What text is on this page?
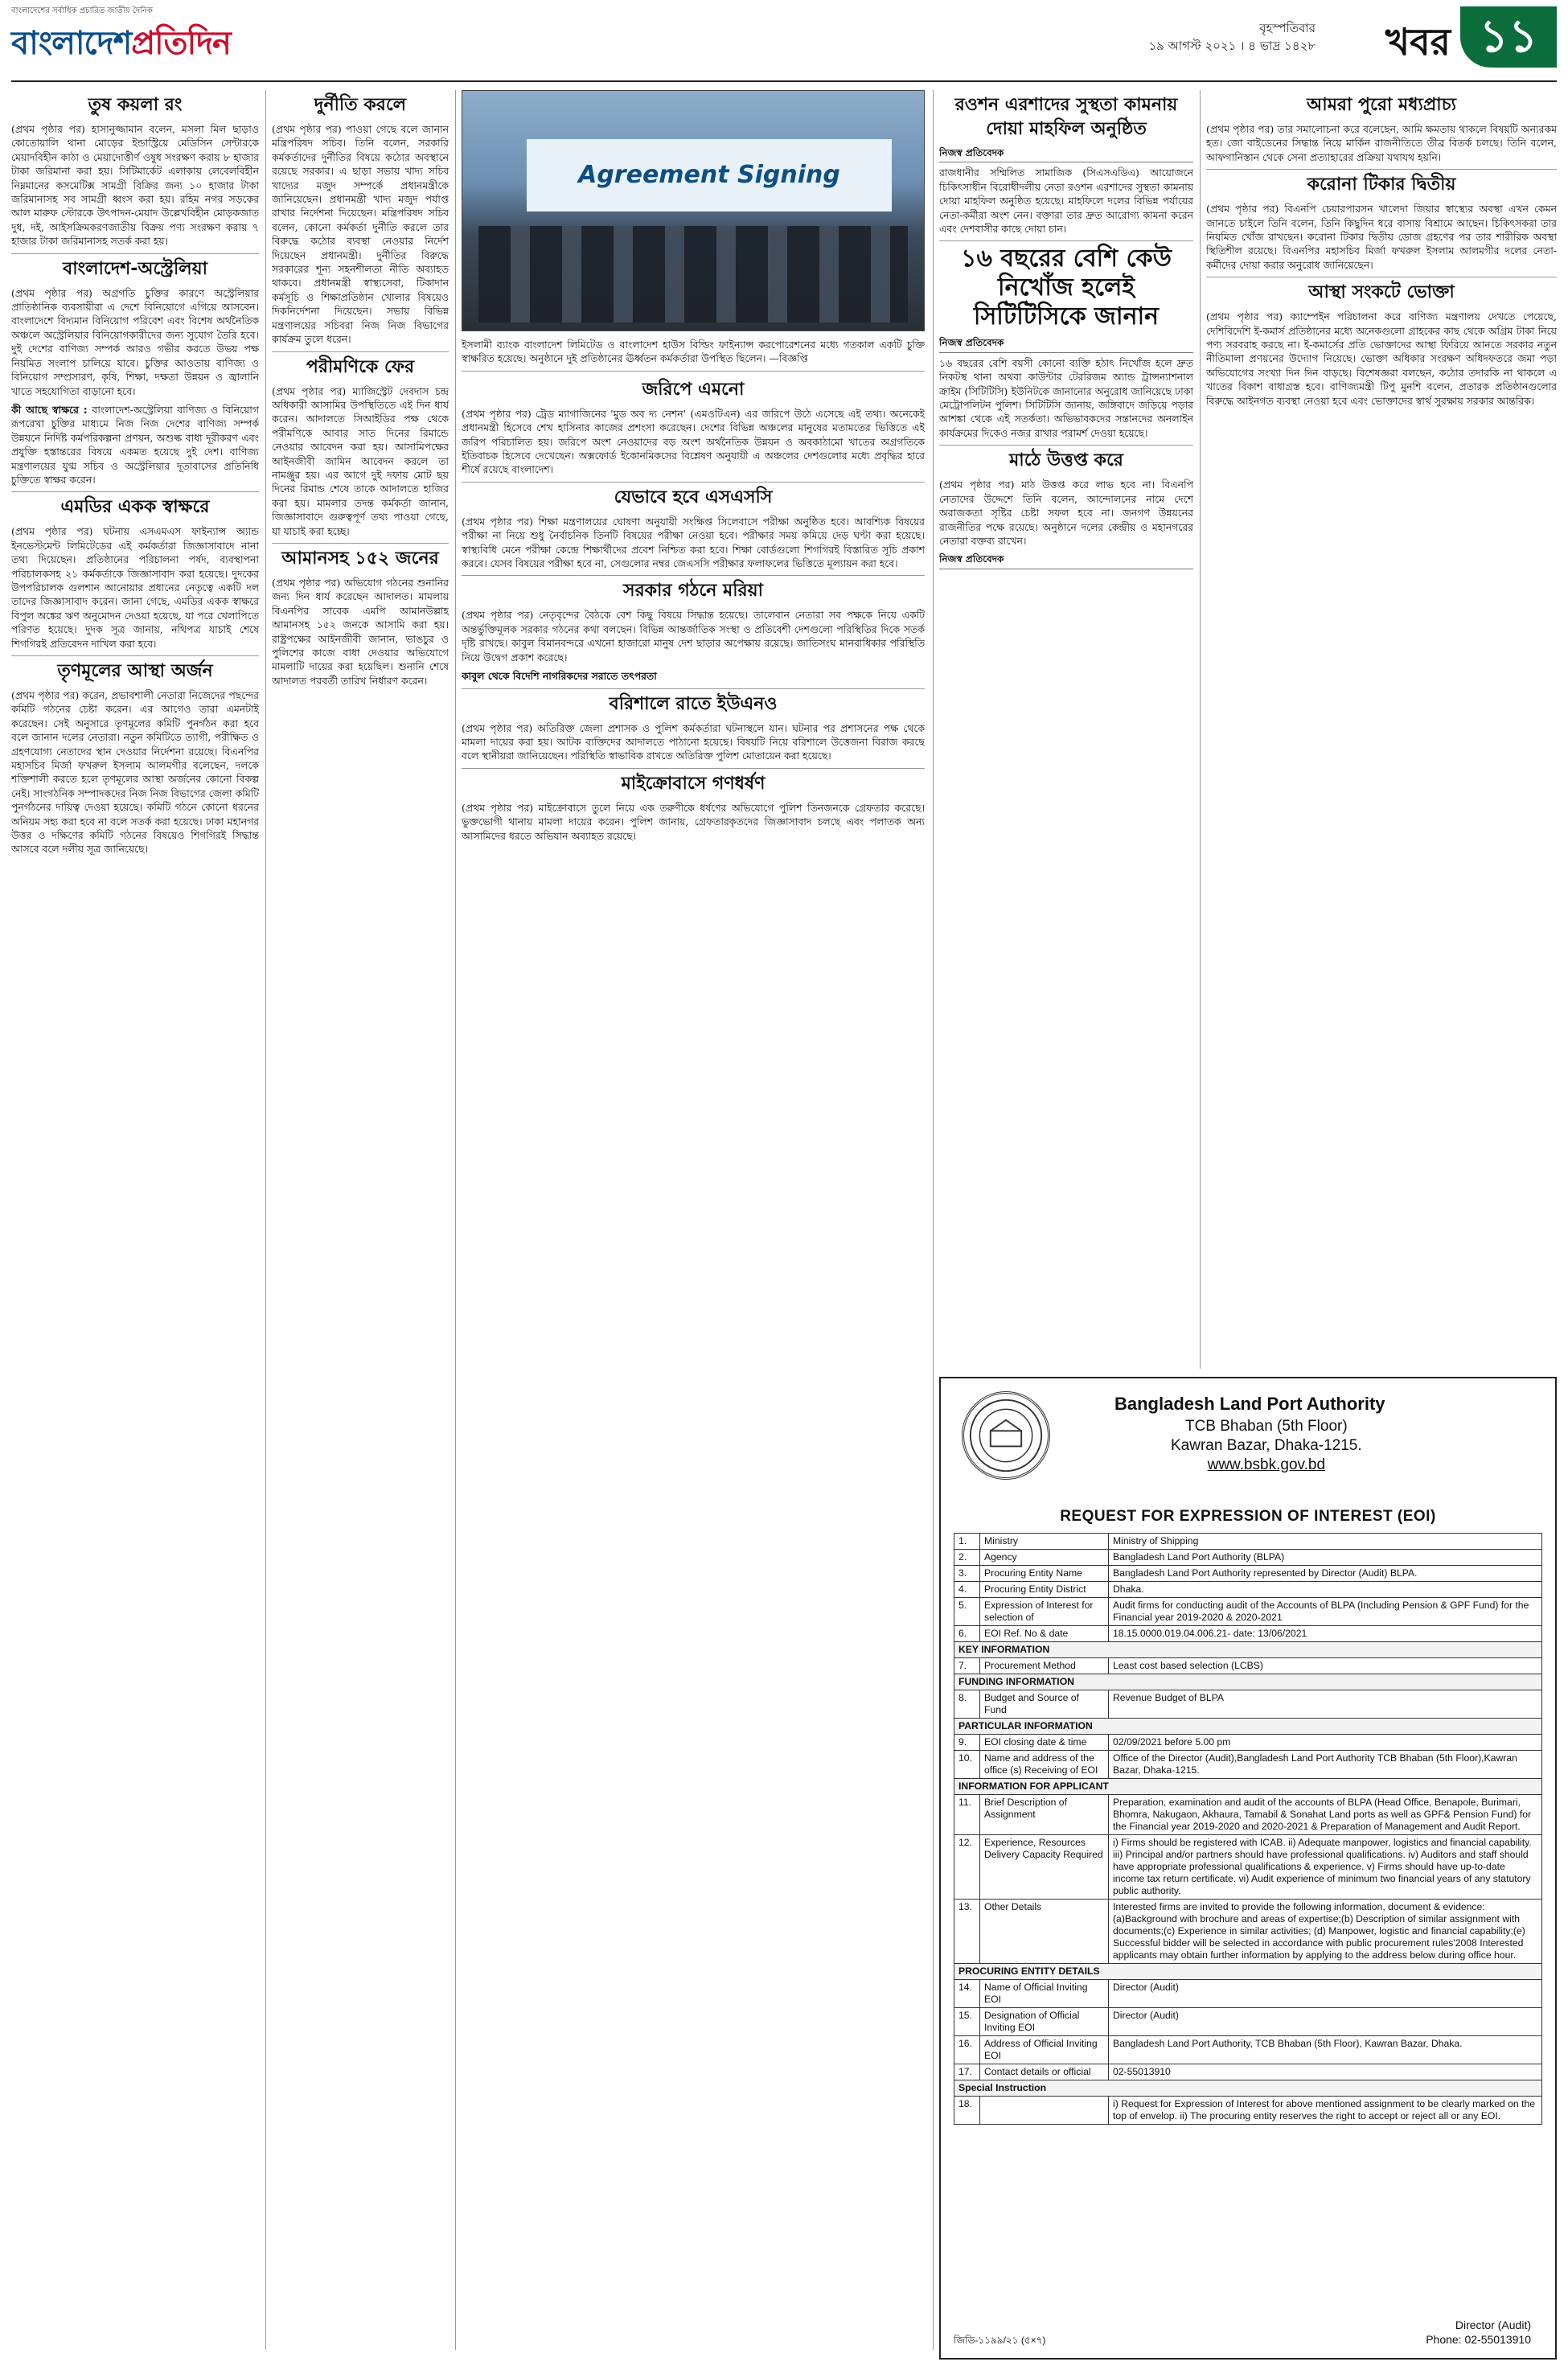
বাংলাদেশের সর্বাধিক প্রচারিত জাতীয় দৈনিক
বাংলাদেশপ্রতিদিন	বৃহস্পতিবার
১৯ আগস্ট ২০২১ । ৪ ভাদ্র ১৪২৮ খবর ১১
তুষ কয়লা রং

(প্রথম পৃষ্ঠার পর) হাসানুজ্জামান বলেন, মসলা মিল ছাড়াও কোতোয়ালি থানা মোড়ের ইন্ডাস্ট্রিয়ে মেডিসিন সেন্টারকে মেয়াদবিহীন কাঠা ও মেয়াদোত্তীর্ণ ওষুধ সংরক্ষণ করায় ৮ হাজার টাকা জরিমানা করা হয়। সিটিমার্কেট এলাকায় লেবেলবিহীন নিম্নমানের কসমেটিক্স সামগ্রী বিক্রির জন্য ১০ হাজার টাকা জরিমানাসহ সব সামগ্রী ধ্বংস করা হয়। রহিম নগর সড়কের আল মারুফ স্টোরকে উৎপাদন-মেয়াদ উল্লেখবিহীন মোড়কজাত দুধ, দই, আইসক্রিমকরণজাতীয় বিক্রয় পণ্য সংরক্ষণ করায় ৭ হাজার টাকা জরিমানাসহ সতর্ক করা হয়।

বাংলাদেশ-অস্ট্রেলিয়া

(প্রথম পৃষ্ঠার পর) অগ্রগতি চুক্তির কারণে অস্ট্রেলিয়ার প্রাতিষ্ঠানিক ব্যবসায়ীরা এ দেশে বিনিয়োগে এগিয়ে আসবেন। বাংলাদেশে বিদ্যমান বিনিয়োগ পরিবেশ এবং বিশেষ অর্থনৈতিক অঞ্চলে অস্ট্রেলিয়ার বিনিয়োগকারীদের জন্য সুযোগ তৈরি হবে। দুই দেশের বাণিজ্য সম্পর্ক আরও গভীর করতে উভয় পক্ষ নিয়মিত সংলাপ চালিয়ে যাবে। চুক্তির আওতায় বাণিজ্য ও বিনিয়োগ সম্প্রসারণ, কৃষি, শিক্ষা, দক্ষতা উন্নয়ন ও জ্বালানি খাতে সহযোগিতা বাড়ানো হবে।

কী আছে স্বাক্ষরে : বাংলাদেশ-অস্ট্রেলিয়া বাণিজ্য ও বিনিয়োগ রূপরেখা চুক্তির মাধ্যমে নিজ নিজ দেশের বাণিজ্য সম্পর্ক উন্নয়নে নির্দিষ্ট কর্মপরিকল্পনা প্রণয়ন, অশুল্ক বাধা দূরীকরণ এবং প্রযুক্তি হস্তান্তরের বিষয়ে একমত হয়েছে দুই দেশ। বাণিজ্য মন্ত্রণালয়ের যুগ্ম সচিব ও অস্ট্রেলিয়ার দূতাবাসের প্রতিনিধি চুক্তিতে স্বাক্ষর করেন।

এমডির একক স্বাক্ষরে

(প্রথম পৃষ্ঠার পর) ঘটনায় এসএমএস ফাইন্যান্স অ্যান্ড ইনভেস্টমেন্ট লিমিটেডের এই কর্মকর্তারা জিজ্ঞাসাবাদে নানা তথ্য দিয়েছেন। প্রতিষ্ঠানের পরিচালনা পর্ষদ, ব্যবস্থাপনা পরিচালকসহ ২১ কর্মকর্তাকে জিজ্ঞাসাবাদ করা হয়েছে। দুদকের উপপরিচালক গুলশান আনোয়ার প্রধানের নেতৃত্বে একটি দল তাদের জিজ্ঞাসাবাদ করেন। জানা গেছে, এমডির একক স্বাক্ষরে বিপুল অঙ্কের ঋণ অনুমোদন দেওয়া হয়েছে, যা পরে খেলাপিতে পরিণত হয়েছে। দুদক সূত্র জানায়, নথিপত্র যাচাই শেষে শিগগিরই প্রতিবেদন দাখিল করা হবে।

তৃণমূলের আস্থা অর্জন

(প্রথম পৃষ্ঠার পর) করেন, প্রভাবশালী নেতারা নিজেদের পছন্দের কমিটি গঠনের চেষ্টা করেন। এর আগেও তারা এমনটাই করেছেন। সেই অনুসারে তৃণমূলের কমিটি পুনর্গঠন করা হবে বলে জানান দলের নেতারা। নতুন কমিটিতে ত্যাগী, পরীক্ষিত ও গ্রহণযোগ্য নেতাদের স্থান দেওয়ার নির্দেশনা রয়েছে। বিএনপির মহাসচিব মির্জা ফখরুল ইসলাম আলমগীর বলেছেন, দলকে শক্তিশালী করতে হলে তৃণমূলের আস্থা অর্জনের কোনো বিকল্প নেই। সাংগঠনিক সম্পাদকদের নিজ নিজ বিভাগের জেলা কমিটি পুনর্গঠনের দায়িত্ব দেওয়া হয়েছে। কমিটি গঠনে কোনো ধরনের অনিয়ম সহ্য করা হবে না বলে সতর্ক করা হয়েছে। ঢাকা মহানগর উত্তর ও দক্ষিণের কমিটি গঠনের বিষয়েও শিগগিরই সিদ্ধান্ত আসবে বলে দলীয় সূত্র জানিয়েছে।

দুর্নীতি করলে

(প্রথম পৃষ্ঠার পর) পাওয়া গেছে বলে জানান মন্ত্রিপরিষদ সচিব। তিনি বলেন, সরকারি কর্মকর্তাদের দুর্নীতির বিষয়ে কঠোর অবস্থানে রয়েছে সরকার। এ ছাড়া সভায় খাদ্য সচিব খাদ্যের মজুদ সম্পর্কে প্রধানমন্ত্রীকে জানিয়েছেন। প্রধানমন্ত্রী খাদ্য মজুদ পর্যাপ্ত রাখার নির্দেশনা দিয়েছেন। মন্ত্রিপরিষদ সচিব বলেন, কোনো কর্মকর্তা দুর্নীতি করলে তার বিরুদ্ধে কঠোর ব্যবস্থা নেওয়ার নির্দেশ দিয়েছেন প্রধানমন্ত্রী। দুর্নীতির বিরুদ্ধে সরকারের শূন্য সহনশীলতা নীতি অব্যাহত থাকবে। প্রধানমন্ত্রী স্বাস্থ্যসেবা, টিকাদান কর্মসূচি ও শিক্ষাপ্রতিষ্ঠান খোলার বিষয়েও দিকনির্দেশনা দিয়েছেন। সভায় বিভিন্ন মন্ত্রণালয়ের সচিবরা নিজ নিজ বিভাগের কার্যক্রম তুলে ধরেন।

পরীমণিকে ফের

(প্রথম পৃষ্ঠার পর) ম্যাজিস্ট্রেট দেবদাস চন্দ্র অধিকারী আসামির উপস্থিতিতে এই দিন ধার্য করেন। আদালতে সিআইডির পক্ষ থেকে পরীমণিকে আবার সাত দিনের রিমান্ডে নেওয়ার আবেদন করা হয়। আসামিপক্ষের আইনজীবী জামিন আবেদন করলে তা নামঞ্জুর হয়। এর আগে দুই দফায় মোট ছয় দিনের রিমান্ড শেষে তাকে আদালতে হাজির করা হয়। মামলার তদন্ত কর্মকর্তা জানান, জিজ্ঞাসাবাদে গুরুত্বপূর্ণ তথ্য পাওয়া গেছে, যা যাচাই করা হচ্ছে।

আমানসহ ১৫২ জনের

(প্রথম পৃষ্ঠার পর) অভিযোগ গঠনের শুনানির জন্য দিন ধার্য করেছেন আদালত। মামলায় বিএনপির সাবেক এমপি আমানউল্লাহ আমানসহ ১৫২ জনকে আসামি করা হয়। রাষ্ট্রপক্ষের আইনজীবী জানান, ভাঙচুর ও পুলিশের কাজে বাধা দেওয়ার অভিযোগে মামলাটি দায়ের করা হয়েছিল। শুনানি শেষে আদালত পরবর্তী তারিখ নির্ধারণ করেন।

Agreement Signing
ইসলামী ব্যাংক বাংলাদেশ লিমিটেড ও বাংলাদেশ হাউস বিল্ডিং ফাইন্যান্স করপোরেশনের মধ্যে গতকাল একটি চুক্তি স্বাক্ষরিত হয়েছে। অনুষ্ঠানে দুই প্রতিষ্ঠানের ঊর্ধ্বতন কর্মকর্তারা উপস্থিত ছিলেন। —বিজ্ঞপ্তি
জরিপে এমনো

(প্রথম পৃষ্ঠার পর) ট্রেড ম্যাগাজিনের 'মুড অব দ্য নেশন' (এমওটিএন) এর জরিপে উঠে এসেছে এই তথ্য। অনেকেই প্রধানমন্ত্রী হিসেবে শেখ হাসিনার কাজের প্রশংসা করেছেন। দেশের বিভিন্ন অঞ্চলের মানুষের মতামতের ভিত্তিতে এই জরিপ পরিচালিত হয়। জরিপে অংশ নেওয়াদের বড় অংশ অর্থনৈতিক উন্নয়ন ও অবকাঠামো খাতের অগ্রগতিকে ইতিবাচক হিসেবে দেখেছেন। অক্সফোর্ড ইকোনমিকসের বিশ্লেষণ অনুযায়ী এ অঞ্চলের দেশগুলোর মধ্যে প্রবৃদ্ধির হারে শীর্ষে রয়েছে বাংলাদেশ।

যেভাবে হবে এসএসসি

(প্রথম পৃষ্ঠার পর) শিক্ষা মন্ত্রণালয়ের ঘোষণা অনুযায়ী সংক্ষিপ্ত সিলেবাসে পরীক্ষা অনুষ্ঠিত হবে। আবশ্যিক বিষয়ের পরীক্ষা না নিয়ে শুধু নৈর্বাচনিক তিনটি বিষয়ের পরীক্ষা নেওয়া হবে। পরীক্ষার সময় কমিয়ে দেড় ঘণ্টা করা হয়েছে। স্বাস্থ্যবিধি মেনে পরীক্ষা কেন্দ্রে শিক্ষার্থীদের প্রবেশ নিশ্চিত করা হবে। শিক্ষা বোর্ডগুলো শিগগিরই বিস্তারিত সূচি প্রকাশ করবে। যেসব বিষয়ের পরীক্ষা হবে না, সেগুলোর নম্বর জেএসসি পরীক্ষার ফলাফলের ভিত্তিতে মূল্যায়ন করা হবে।

সরকার গঠনে মরিয়া

(প্রথম পৃষ্ঠার পর) নেতৃবৃন্দের বৈঠকে বেশ কিছু বিষয়ে সিদ্ধান্ত হয়েছে। তালেবান নেতারা সব পক্ষকে নিয়ে একটি অন্তর্ভুক্তিমূলক সরকার গঠনের কথা বলছেন। বিভিন্ন আন্তর্জাতিক সংস্থা ও প্রতিবেশী দেশগুলো পরিস্থিতির দিকে সতর্ক দৃষ্টি রাখছে। কাবুল বিমানবন্দরে এখনো হাজারো মানুষ দেশ ছাড়ার অপেক্ষায় রয়েছে। জাতিসংঘ মানবাধিকার পরিস্থিতি নিয়ে উদ্বেগ প্রকাশ করেছে।

কাবুল থেকে বিদেশি নাগরিকদের সরাতে তৎপরতা

বরিশালে রাতে ইউএনও

(প্রথম পৃষ্ঠার পর) অতিরিক্ত জেলা প্রশাসক ও পুলিশ কর্মকর্তারা ঘটনাস্থলে যান। ঘটনার পর প্রশাসনের পক্ষ থেকে মামলা দায়ের করা হয়। আটক ব্যক্তিদের আদালতে পাঠানো হয়েছে। বিষয়টি নিয়ে বরিশালে উত্তেজনা বিরাজ করছে বলে স্থানীয়রা জানিয়েছেন। পরিস্থিতি স্বাভাবিক রাখতে অতিরিক্ত পুলিশ মোতায়েন করা হয়েছে।

মাইক্রোবাসে গণধর্ষণ

(প্রথম পৃষ্ঠার পর) মাইক্রোবাসে তুলে নিয়ে এক তরুণীকে ধর্ষণের অভিযোগে পুলিশ তিনজনকে গ্রেফতার করেছে। ভুক্তভোগী থানায় মামলা দায়ের করেন। পুলিশ জানায়, গ্রেফতারকৃতদের জিজ্ঞাসাবাদ চলছে এবং পলাতক অন্য আসামিদের ধরতে অভিযান অব্যাহত রয়েছে।

রওশন এরশাদের সুস্থতা কামনায় দোয়া মাহফিল অনুষ্ঠিত
নিজস্ব প্রতিবেদক

রাজধানীর সম্মিলিত সামাজিক (সিএসএডিএ) আয়োজনে চিকিৎসাধীন বিরোধীদলীয় নেতা রওশন এরশাদের সুস্থতা কামনায় দোয়া মাহফিল অনুষ্ঠিত হয়েছে। মাহফিলে দলের বিভিন্ন পর্যায়ের নেতা-কর্মীরা অংশ নেন। বক্তারা তার দ্রুত আরোগ্য কামনা করেন এবং দেশবাসীর কাছে দোয়া চান।

১৬ বছরের বেশি কেউ নিখোঁজ হলেই সিটিটিসিকে জানান
নিজস্ব প্রতিবেদক

১৬ বছরের বেশি বয়সী কোনো ব্যক্তি হঠাৎ নিখোঁজ হলে দ্রুত নিকটস্থ থানা অথবা কাউন্টার টেররিজম অ্যান্ড ট্রান্সন্যাশনাল ক্রাইম (সিটিটিসি) ইউনিটকে জানানোর অনুরোধ জানিয়েছে ঢাকা মেট্রোপলিটন পুলিশ। সিটিটিসি জানায়, জঙ্গিবাদে জড়িয়ে পড়ার আশঙ্কা থেকে এই সতর্কতা। অভিভাবকদের সন্তানদের অনলাইন কার্যক্রমের দিকেও নজর রাখার পরামর্শ দেওয়া হয়েছে।

মাঠে উত্তপ্ত করে

(প্রথম পৃষ্ঠার পর) মাঠ উত্তপ্ত করে লাভ হবে না। বিএনপি নেতাদের উদ্দেশে তিনি বলেন, আন্দোলনের নামে দেশে অরাজকতা সৃষ্টির চেষ্টা সফল হবে না। জনগণ উন্নয়নের রাজনীতির পক্ষে রয়েছে। অনুষ্ঠানে দলের কেন্দ্রীয় ও মহানগরের নেতারা বক্তব্য রাখেন।

নিজস্ব প্রতিবেদক
আমরা পুরো মধ্যপ্রাচ্য

(প্রথম পৃষ্ঠার পর) তার সমালোচনা করে বলেছেন, আমি ক্ষমতায় থাকলে বিষয়টি অন্যরকম হত। জো বাইডেনের সিদ্ধান্ত নিয়ে মার্কিন রাজনীতিতে তীব্র বিতর্ক চলছে। তিনি বলেন, আফগানিস্তান থেকে সেনা প্রত্যাহারের প্রক্রিয়া যথাযথ হয়নি।

করোনা টিকার দ্বিতীয়

(প্রথম পৃষ্ঠার পর) বিএনপি চেয়ারপারসন খালেদা জিয়ার স্বাস্থ্যের অবস্থা এখন কেমন জানতে চাইলে তিনি বলেন, তিনি কিছুদিন ধরে বাসায় বিশ্রামে আছেন। চিকিৎসকরা তার নিয়মিত খোঁজ রাখছেন। করোনা টিকার দ্বিতীয় ডোজ গ্রহণের পর তার শারীরিক অবস্থা স্থিতিশীল রয়েছে। বিএনপির মহাসচিব মির্জা ফখরুল ইসলাম আলমগীর দলের নেতা-কর্মীদের দোয়া করার অনুরোধ জানিয়েছেন।

আস্থা সংকটে ভোক্তা

(প্রথম পৃষ্ঠার পর) ক্যাম্পেইন পরিচালনা করে বাণিজ্য মন্ত্রণালয় দেখতে পেয়েছে, দেশিবিদেশি ই-কমার্স প্রতিষ্ঠানের মধ্যে অনেকগুলো গ্রাহকের কাছ থেকে অগ্রিম টাকা নিয়ে পণ্য সরবরাহ করছে না। ই-কমার্সের প্রতি ভোক্তাদের আস্থা ফিরিয়ে আনতে সরকার নতুন নীতিমালা প্রণয়নের উদ্যোগ নিয়েছে। ভোক্তা অধিকার সংরক্ষণ অধিদফতরে জমা পড়া অভিযোগের সংখ্যা দিন দিন বাড়ছে। বিশেষজ্ঞরা বলছেন, কঠোর তদারকি না থাকলে এ খাতের বিকাশ বাধাগ্রস্ত হবে। বাণিজ্যমন্ত্রী টিপু মুনশি বলেন, প্রতারক প্রতিষ্ঠানগুলোর বিরুদ্ধে আইনগত ব্যবস্থা নেওয়া হবে এবং ভোক্তাদের স্বার্থ সুরক্ষায় সরকার আন্তরিক।

Bangladesh Land Port Authority
TCB Bhaban (5th Floor)
Kawran Bazar, Dhaka-1215.
www.bsbk.gov.bd
REQUEST FOR EXPRESSION OF INTEREST (EOI)
1.	Ministry	Ministry of Shipping
2.	Agency	Bangladesh Land Port Authority (BLPA)
3.	Procuring Entity Name	Bangladesh Land Port Authority represented by Director (Audit) BLPA.
4.	Procuring Entity District	Dhaka.
5.	Expression of Interest for selection of	Audit firms for conducting audit of the Accounts of BLPA (Including Pension & GPF Fund) for the Financial year 2019-2020 & 2020-2021
6.	EOI Ref. No & date	18.15.0000.019.04.006.21- date: 13/06/2021
KEY INFORMATION		
7.	Procurement Method	Least cost based selection (LCBS)
FUNDING INFORMATION		
8.	Budget and Source of Fund	Revenue Budget of BLPA
PARTICULAR INFORMATION		
9.	EOI closing date & time	02/09/2021 before 5.00 pm
10.	Name and address of the office (s) Receiving of EOI	Office of the Director (Audit),Bangladesh Land Port Authority TCB Bhaban (5th Floor),Kawran Bazar, Dhaka-1215.
INFORMATION FOR APPLICANT		
11.	Brief Description of Assignment	Preparation, examination and audit of the accounts of BLPA (Head Office, Benapole, Burimari, Bhomra, Nakugaon, Akhaura, Tamabil & Sonahat Land ports as well as GPF& Pension Fund) for the Financial year 2019-2020 and 2020-2021 & Preparation of Management and Audit Report.
12.	Experience, Resources Delivery Capacity Required	i) Firms should be registered with ICAB. ii) Adequate manpower, logistics and financial capability. iii) Principal and/or partners should have professional qualifications. iv) Auditors and staff should have appropriate professional qualifications & experience. v) Firms should have up-to-date income tax return certificate. vi) Audit experience of minimum two financial years of any statutory public authority.
13.	Other Details	Interested firms are invited to provide the following information, document & evidence: (a)Background with brochure and areas of expertise;(b) Description of similar assignment with documents;(c) Experience in similar activities; (d) Manpower, logistic and financial capability;(e) Successful bidder will be selected in accordance with public procurement rules'2008 Interested applicants may obtain further information by applying to the address below during office hour.
PROCURING ENTITY DETAILS		
14.	Name of Official Inviting EOI	Director (Audit)
15.	Designation of Official Inviting EOI	Director (Audit)
16.	Address of Official Inviting EOI	Bangladesh Land Port Authority, TCB Bhaban (5th Floor), Kawran Bazar, Dhaka.
17.	Contact details or official	02-55013910
Special Instruction		
18.		i) Request for Expression of Interest for above mentioned assignment to be clearly marked on the top of envelop. ii) The procuring entity reserves the right to accept or reject all or any EOI.
জিডি-১১৯৯/২১ (৫×৭)
Director (Audit)
Phone: 02-55013910
